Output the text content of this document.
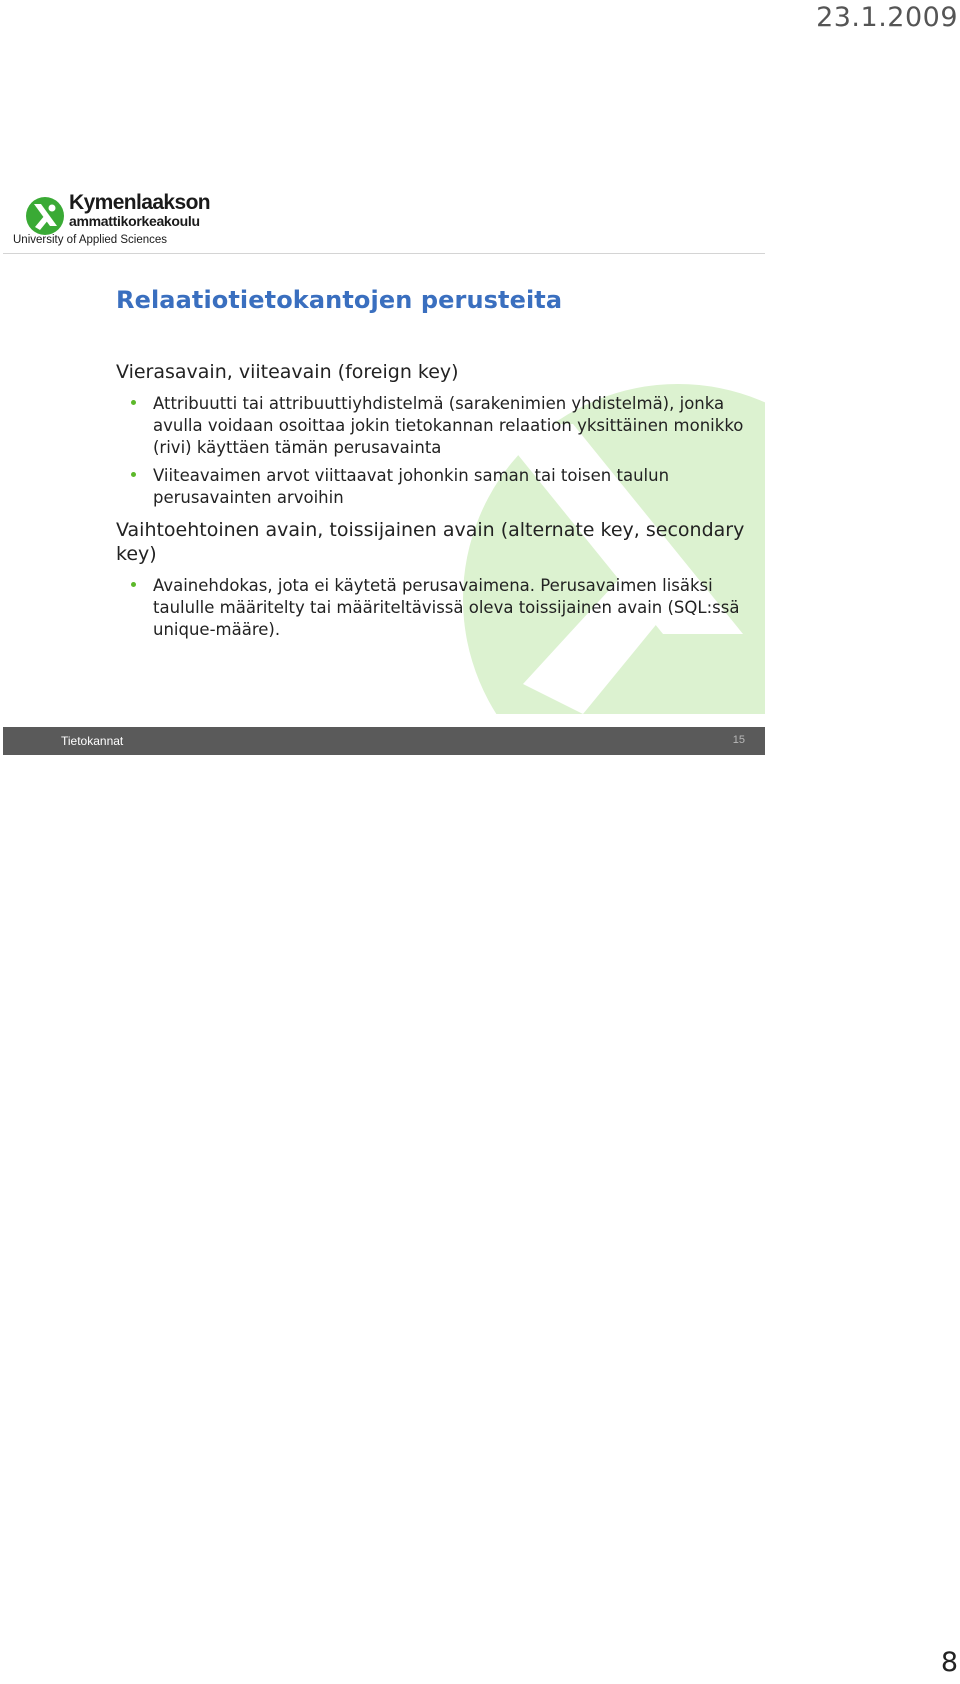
23.1.2009
Kymenlaakson
ammattikorkeakoulu
University of Applied Sciences
Relaatiotietokantojen perusteita

Vierasavain, viiteavain (foreign key)

Attribuutti tai attribuuttiyhdistelmä (sarakenimien yhdistelmä), jonka avulla voidaan osoittaa jokin tietokannan relaation yksittäinen monikko (rivi) käyttäen tämän perusavainta
Viiteavaimen arvot viittaavat johonkin saman tai toisen taulun perusavainten arvoihin

Vaihtoehtoinen avain, toissijainen avain (alternate key, secondary key)

Avainehdokas, jota ei käytetä perusavaimena. Perusavaimen lisäksi taululle määritelty tai määriteltävissä oleva toissijainen avain (SQL:ssä unique-määre).
Tietokannat	15
8
